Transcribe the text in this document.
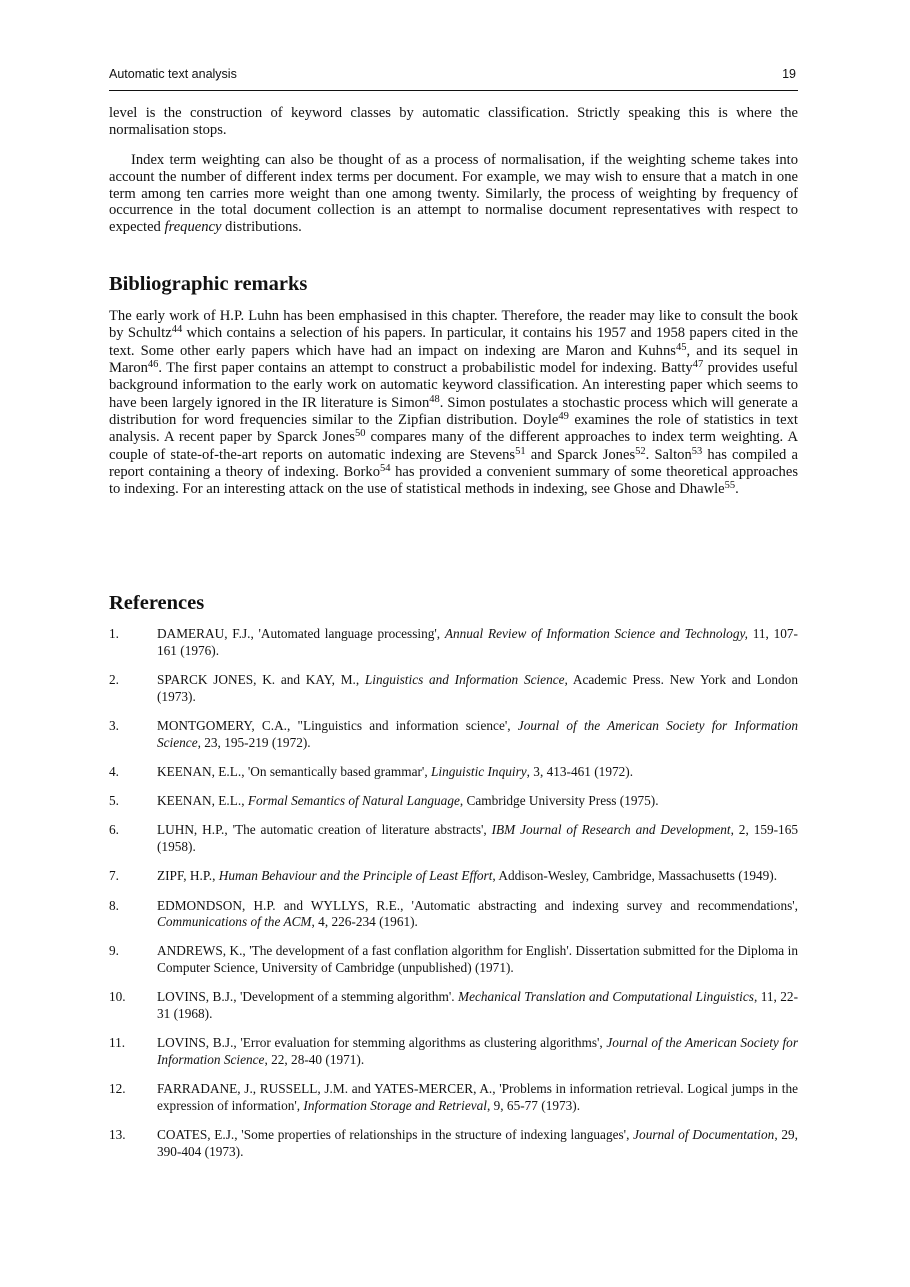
Automatic text analysis	19

level is the construction of keyword classes by automatic classification. Strictly speaking this is where the normalisation stops.

Index term weighting can also be thought of as a process of normalisation, if the weighting scheme takes into account the number of different index terms per document. For example, we may wish to ensure that a match in one term among ten carries more weight than one among twenty. Similarly, the process of weighting by frequency of occurrence in the total document collection is an attempt to normalise document representatives with respect to expected frequency distributions.

Bibliographic remarks

The early work of H.P. Luhn has been emphasised in this chapter. Therefore, the reader may like to consult the book by Schultz$^{44}$ which contains a selection of his papers. In particular, it contains his 1957 and 1958 papers cited in the text. Some other early papers which have had an impact on indexing are Maron and Kuhns$^{45}$, and its sequel in Maron$^{46}$. The first paper contains an attempt to construct a probabilistic model for indexing. Batty$^{47}$ provides useful background information to the early work on automatic keyword classification. An interesting paper which seems to have been largely ignored in the IR literature is Simon$^{48}$. Simon postulates a stochastic process which will generate a distribution for word frequencies similar to the Zipfian distribution. Doyle$^{49}$ examines the role of statistics in text analysis. A recent paper by Sparck Jones$^{50}$ compares many of the different approaches to index term weighting. A couple of state-of-the-art reports on automatic indexing are Stevens$^{51}$ and Sparck Jones$^{52}$. Salton$^{53}$ has compiled a report containing a theory of indexing. Borko$^{54}$ has provided a convenient summary of some theoretical approaches to indexing. For an interesting attack on the use of statistical methods in indexing, see Ghose and Dhawle$^{55}$.

References
1.	DAMERAU, F.J., 'Automated language processing', Annual Review of Information Science and Technology, 11, 107-161 (1976).
2.	SPARCK JONES, K. and KAY, M., Linguistics and Information Science, Academic Press. New York and London (1973).
3.	MONTGOMERY, C.A., "Linguistics and information science', Journal of the American Society for Information Science, 23, 195-219 (1972).
4.	KEENAN, E.L., 'On semantically based grammar', Linguistic Inquiry, 3, 413-461 (1972).
5.	KEENAN, E.L., Formal Semantics of Natural Language, Cambridge University Press (1975).
6.	LUHN, H.P., 'The automatic creation of literature abstracts', IBM Journal of Research and Development, 2, 159-165 (1958).
7.	ZIPF, H.P., Human Behaviour and the Principle of Least Effort, Addison-Wesley, Cambridge, Massachusetts (1949).
8.	EDMONDSON, H.P. and WYLLYS, R.E., 'Automatic abstracting and indexing survey and recommendations', Communications of the ACM, 4, 226-234 (1961).
9.	ANDREWS, K., 'The development of a fast conflation algorithm for English'. Dissertation submitted for the Diploma in Computer Science, University of Cambridge (unpublished) (1971).
10. LOVINS, B.J., 'Development of a stemming algorithm'. Mechanical Translation and Computational Linguistics, 11, 22-31 (1968).
11. LOVINS, B.J., 'Error evaluation for stemming algorithms as clustering algorithms', Journal of the American Society for Information Science, 22, 28-40 (1971).
12. FARRADANE, J., RUSSELL, J.M. and YATES-MERCER, A., 'Problems in information retrieval. Logical jumps in the expression of information', Information Storage and Retrieval, 9, 65-77 (1973).
13. COATES, E.J., 'Some properties of relationships in the structure of indexing languages', Journal of Documentation, 29, 390-404 (1973).
